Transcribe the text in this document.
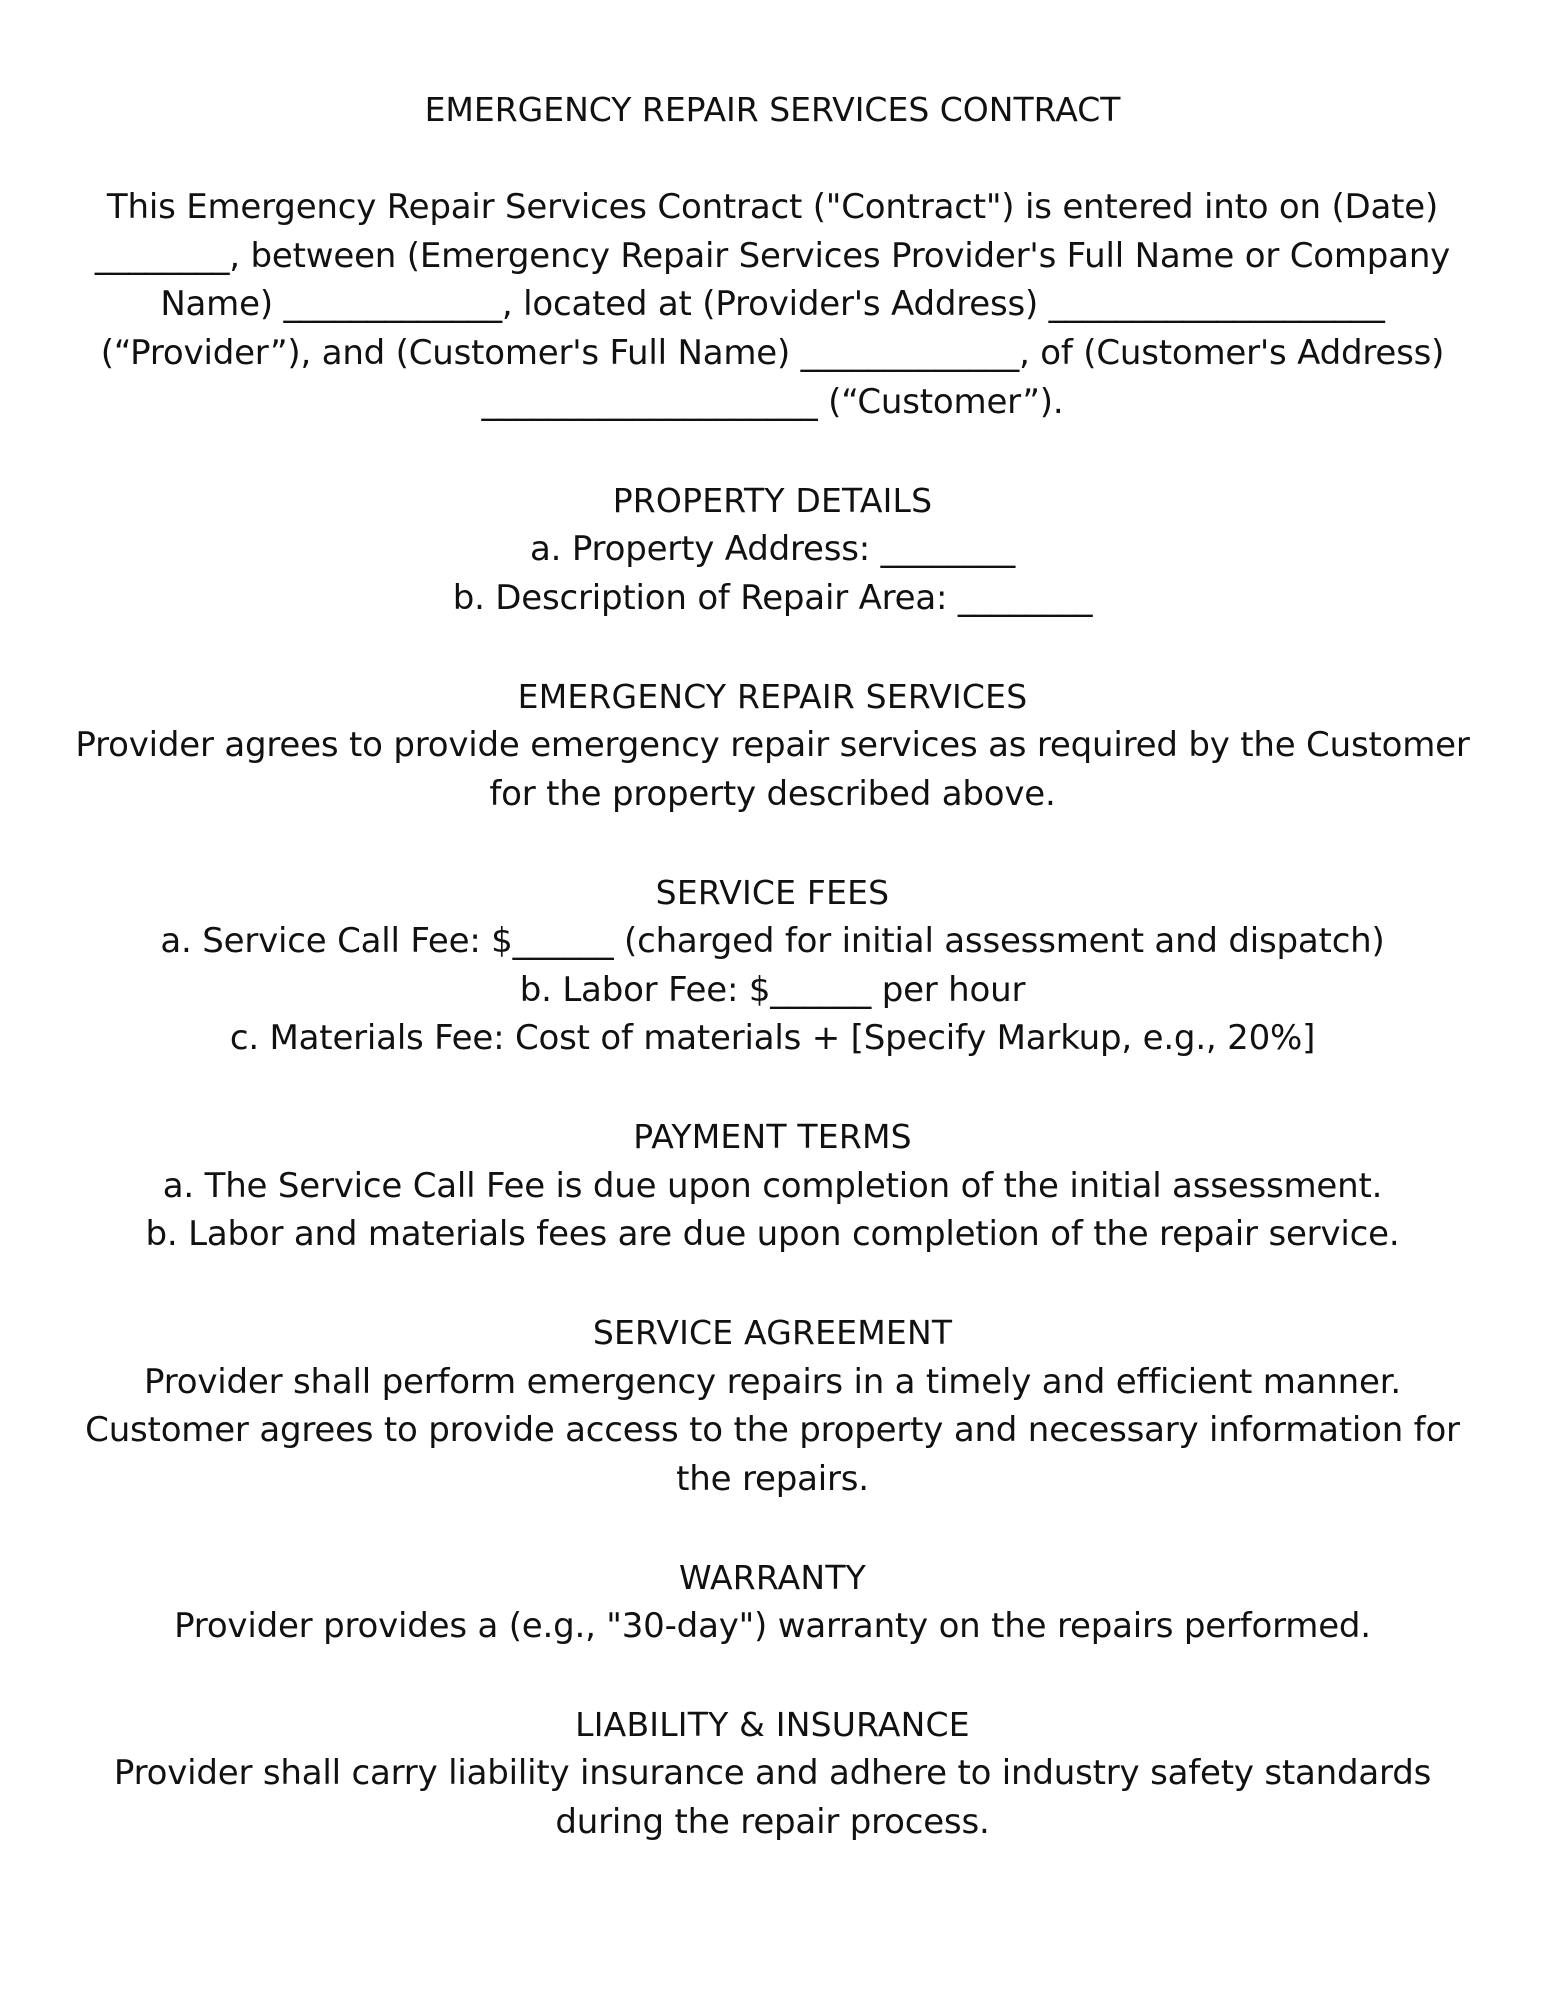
EMERGENCY REPAIR SERVICES CONTRACT
This Emergency Repair Services Contract ("Contract") is entered into on (Date)
________, between (Emergency Repair Services Provider's Full Name or Company
Name) _____________, located at (Provider's Address) ____________________
(“Provider”), and (Customer's Full Name) _____________, of (Customer's Address)
____________________ (“Customer”).
PROPERTY DETAILS
a. Property Address: ________
b. Description of Repair Area: ________
EMERGENCY REPAIR SERVICES
Provider agrees to provide emergency repair services as required by the Customer
for the property described above.
SERVICE FEES
a. Service Call Fee: $______ (charged for initial assessment and dispatch)
b. Labor Fee: $______ per hour
c. Materials Fee: Cost of materials + [Specify Markup, e.g., 20%]
PAYMENT TERMS
a. The Service Call Fee is due upon completion of the initial assessment.
b. Labor and materials fees are due upon completion of the repair service.
SERVICE AGREEMENT
Provider shall perform emergency repairs in a timely and efficient manner.
Customer agrees to provide access to the property and necessary information for
the repairs.
WARRANTY
Provider provides a (e.g., "30-day") warranty on the repairs performed.
LIABILITY & INSURANCE
Provider shall carry liability insurance and adhere to industry safety standards
during the repair process.
